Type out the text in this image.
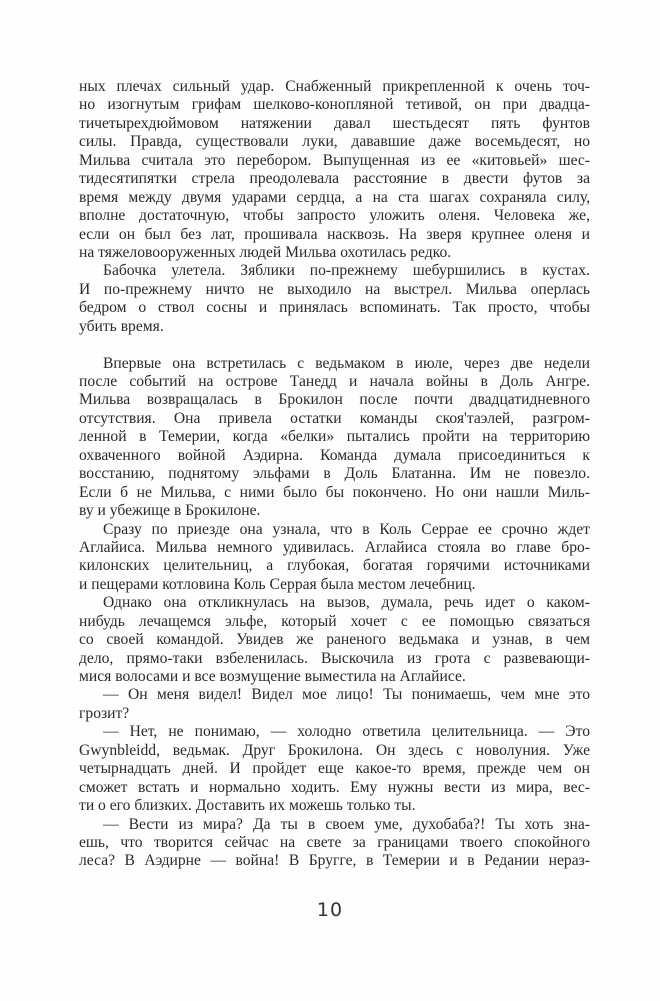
ных плечах сильный удар. Снабженный прикрепленной к очень точ-
но изогнутым грифам шелково-конопляной тетивой, он при двадца-
тичетырехдюймовом натяжении давал шестьдесят пять фунтов
силы. Правда, существовали луки, дававшие даже восемьдесят, но
Мильва считала это перебором. Выпущенная из ее «китовьей» шес-
тидесятипятки стрела преодолевала расстояние в двести футов за
время между двумя ударами сердца, а на ста шагах сохраняла силу,
вполне достаточную, чтобы запросто уложить оленя. Человека же,
если он был без лат, прошивала насквозь. На зверя крупнее оленя и
на тяжеловооруженных людей Мильва охотилась редко.
Бабочка улетела. Зяблики по-прежнему шебуршились в кустах.
И по-прежнему ничто не выходило на выстрел. Мильва оперлась
бедром о ствол сосны и принялась вспоминать. Так просто, чтобы
убить время.
Впервые она встретилась с ведьмаком в июле, через две недели
после событий на острове Танедд и начала войны в Доль Ангре.
Мильва возвращалась в Брокилон после почти двадцатидневного
отсутствия. Она привела остатки команды скоя'таэлей, разгром-
ленной в Темерии, когда «белки» пытались пройти на территорию
охваченного войной Аэдирна. Команда думала присоединиться к
восстанию, поднятому эльфами в Доль Блатанна. Им не повезло.
Если б не Мильва, с ними было бы покончено. Но они нашли Миль-
ву и убежище в Брокилоне.
Сразу по приезде она узнала, что в Коль Серрае ее срочно ждет
Аглайиса. Мильва немного удивилась. Аглайиса стояла во главе бро-
килонских целительниц, а глубокая, богатая горячими источниками
и пещерами котловина Коль Серрая была местом лечебниц.
Однако она откликнулась на вызов, думала, речь идет о каком-
нибудь лечащемся эльфе, который хочет с ее помощью связаться
со своей командой. Увидев же раненого ведьмака и узнав, в чем
дело, прямо-таки взбеленилась. Выскочила из грота с развевающи-
мися волосами и все возмущение выместила на Аглайисе.
— Он меня видел! Видел мое лицо! Ты понимаешь, чем мне это
грозит?
— Нет, не понимаю, — холодно ответила целительница. — Это
Gwynbleidd, ведьмак. Друг Брокилона. Он здесь с новолуния. Уже
четырнадцать дней. И пройдет еще какое-то время, прежде чем он
сможет встать и нормально ходить. Ему нужны вести из мира, вес-
ти о его близких. Доставить их можешь только ты.
— Вести из мира? Да ты в своем уме, духобаба?! Ты хоть зна-
ешь, что творится сейчас на свете за границами твоего спокойного
леса? В Аэдирне — война! В Бругге, в Темерии и в Редании нераз-
10
